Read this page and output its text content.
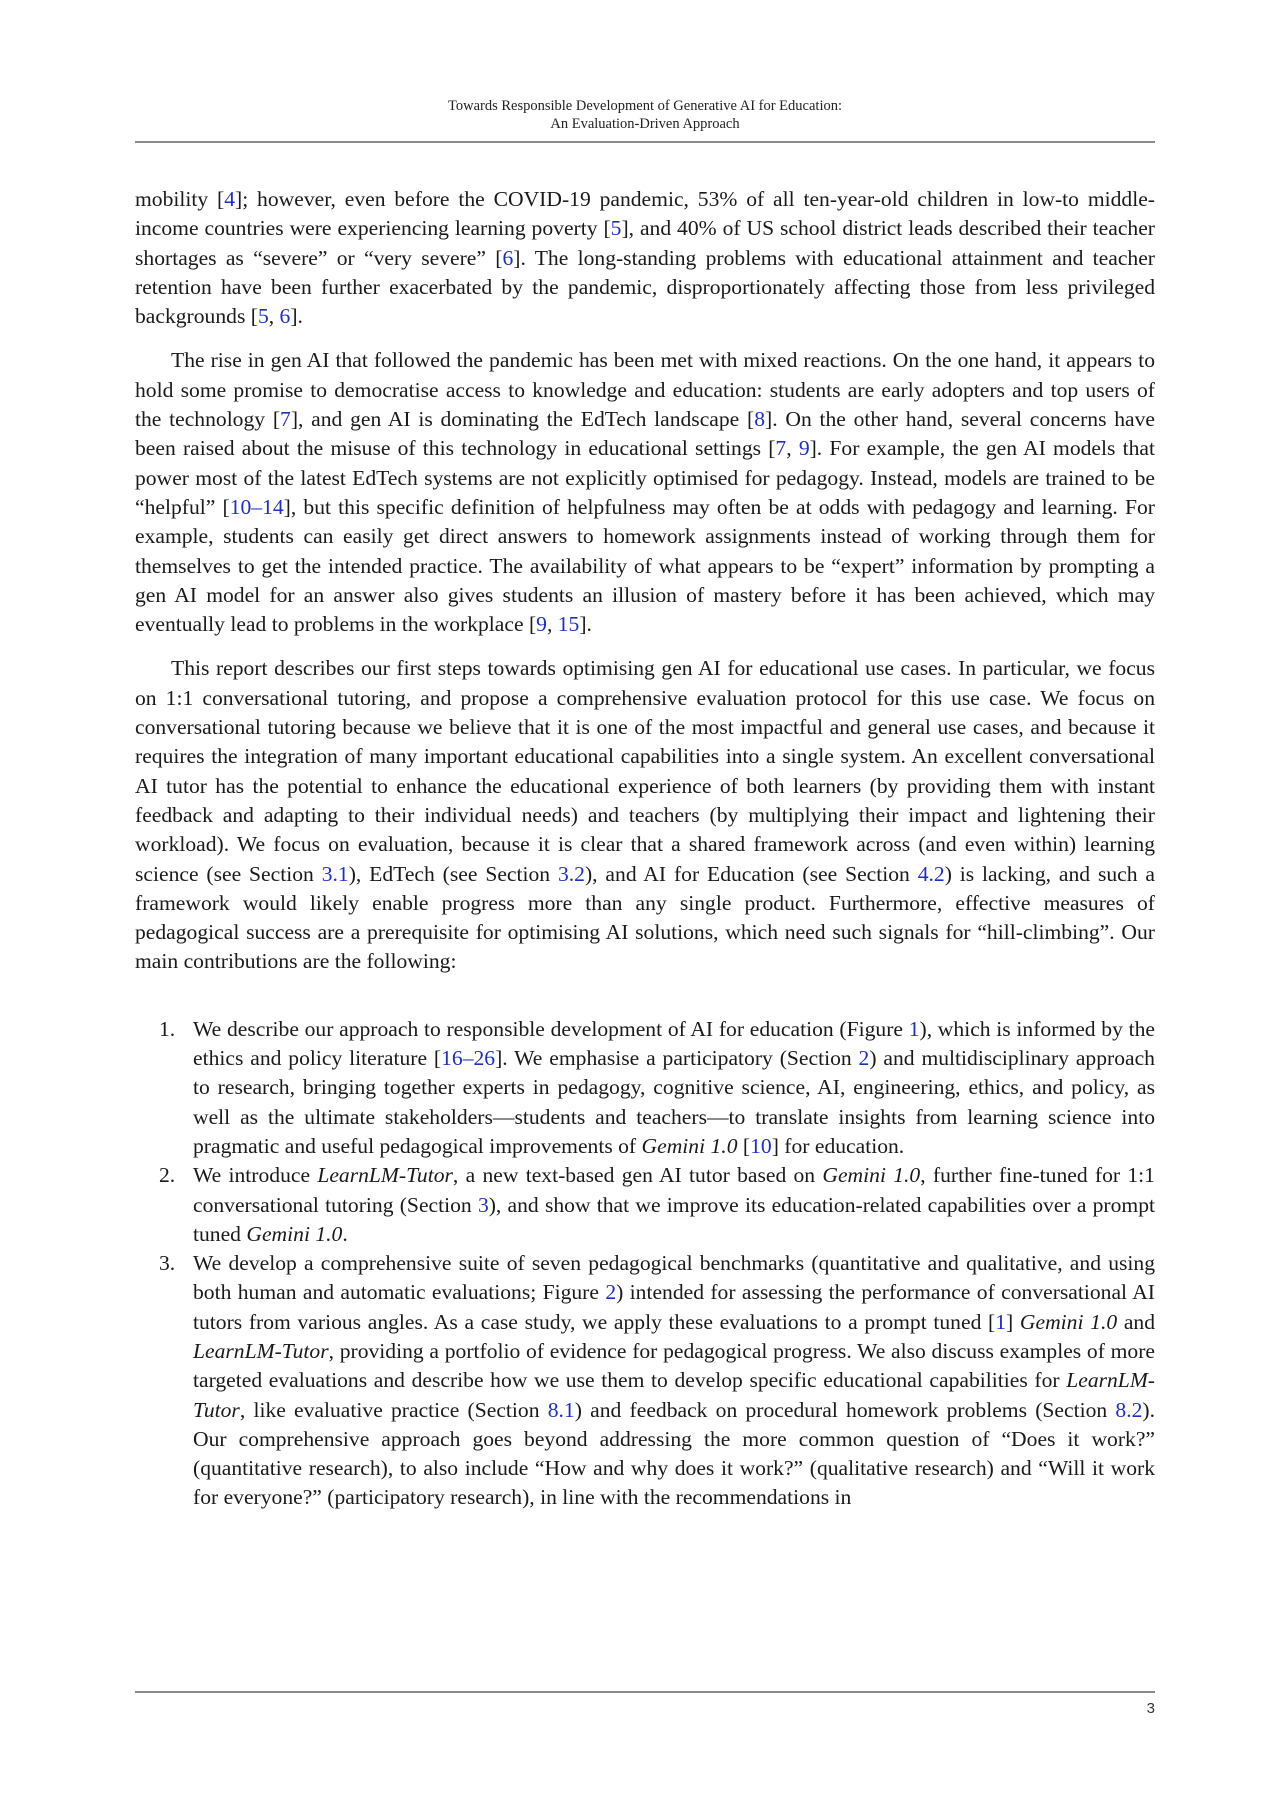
Towards Responsible Development of Generative AI for Education:
An Evaluation-Driven Approach

mobility [4]; however, even before the COVID-19 pandemic, 53% of all ten-year-old children in low-to middle-income countries were experiencing learning poverty [5], and 40% of US school district leads described their teacher shortages as “severe” or “very severe” [6]. The long-standing problems with educational attainment and teacher retention have been further exacerbated by the pandemic, disproportionately affecting those from less privileged backgrounds [5, 6].

The rise in gen AI that followed the pandemic has been met with mixed reactions. On the one hand, it appears to hold some promise to democratise access to knowledge and education: students are early adopters and top users of the technology [7], and gen AI is dominating the EdTech landscape [8]. On the other hand, several concerns have been raised about the misuse of this technology in educational settings [7, 9]. For example, the gen AI models that power most of the latest EdTech systems are not explicitly optimised for pedagogy. Instead, models are trained to be “helpful” [10–14], but this specific definition of helpfulness may often be at odds with pedagogy and learning. For example, students can easily get direct answers to homework assignments instead of working through them for themselves to get the intended practice. The availability of what appears to be “expert” information by prompting a gen AI model for an answer also gives students an illusion of mastery before it has been achieved, which may eventually lead to problems in the workplace [9, 15].

This report describes our first steps towards optimising gen AI for educational use cases. In particular, we focus on 1:1 conversational tutoring, and propose a comprehensive evaluation protocol for this use case. We focus on conversational tutoring because we believe that it is one of the most impactful and general use cases, and because it requires the integration of many important educational capabilities into a single system. An excellent conversational AI tutor has the potential to enhance the educational experience of both learners (by providing them with instant feedback and adapting to their individual needs) and teachers (by multiplying their impact and lightening their workload). We focus on evaluation, because it is clear that a shared framework across (and even within) learning science (see Section 3.1), EdTech (see Section 3.2), and AI for Education (see Section 4.2) is lacking, and such a framework would likely enable progress more than any single product. Furthermore, effective measures of pedagogical success are a prerequisite for optimising AI solutions, which need such signals for “hill-climbing”. Our main contributions are the following:

1. We describe our approach to responsible development of AI for education (Figure 1), which is informed by the ethics and policy literature [16–26]. We emphasise a participatory (Section 2) and multidisciplinary approach to research, bringing together experts in pedagogy, cognitive science, AI, engineering, ethics, and policy, as well as the ultimate stakeholders—students and teachers—to translate insights from learning science into pragmatic and useful pedagogical improvements of Gemini 1.0 [10] for education.
2. We introduce LearnLM-Tutor, a new text-based gen AI tutor based on Gemini 1.0, further fine-tuned for 1:1 conversational tutoring (Section 3), and show that we improve its education-related capabilities over a prompt tuned Gemini 1.0.
3. We develop a comprehensive suite of seven pedagogical benchmarks (quantitative and qualitative, and using both human and automatic evaluations; Figure 2) intended for assessing the performance of conversational AI tutors from various angles. As a case study, we apply these evaluations to a prompt tuned [1] Gemini 1.0 and LearnLM-Tutor, providing a portfolio of evidence for pedagogical progress. We also discuss examples of more targeted evaluations and describe how we use them to develop specific educational capabilities for LearnLM-Tutor, like evaluative practice (Section 8.1) and feedback on procedural homework problems (Section 8.2). Our comprehensive approach goes beyond addressing the more common question of “Does it work?” (quantitative research), to also include “How and why does it work?” (qualitative research) and “Will it work for everyone?” (participatory research), in line with the recommendations in
3
